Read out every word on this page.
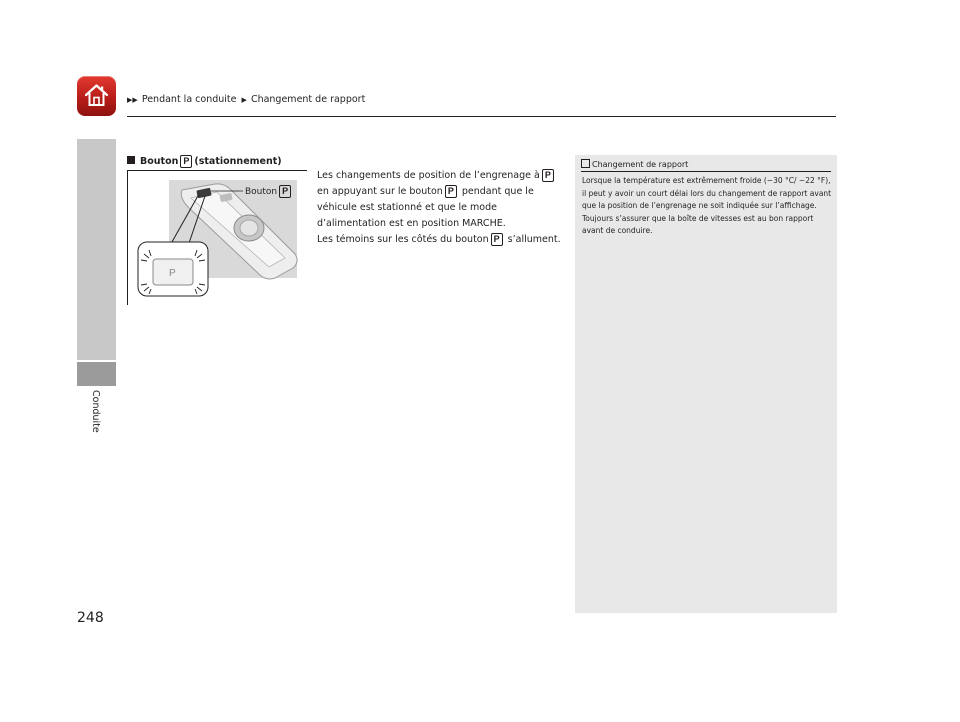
▶▶ Pendant la conduite ▶ Changement de rapport
Conduite
248
Bouton P (stationnement)
P
Bouton P

Les changements de position de l’engrenage à P en appuyant sur le bouton P pendant que le véhicule est stationné et que le mode d’alimentation est en position MARCHE.

Les témoins sur les côtés du bouton P s’allument.

Changement de rapport
Lorsque la température est extrêmement froide (−30 °C/ −22 °F), il peut y avoir un court délai lors du changement de rapport avant que la position de l’engrenage ne soit indiquée sur l’affichage. Toujours s’assurer que la boîte de vitesses est au bon rapport avant de conduire.
